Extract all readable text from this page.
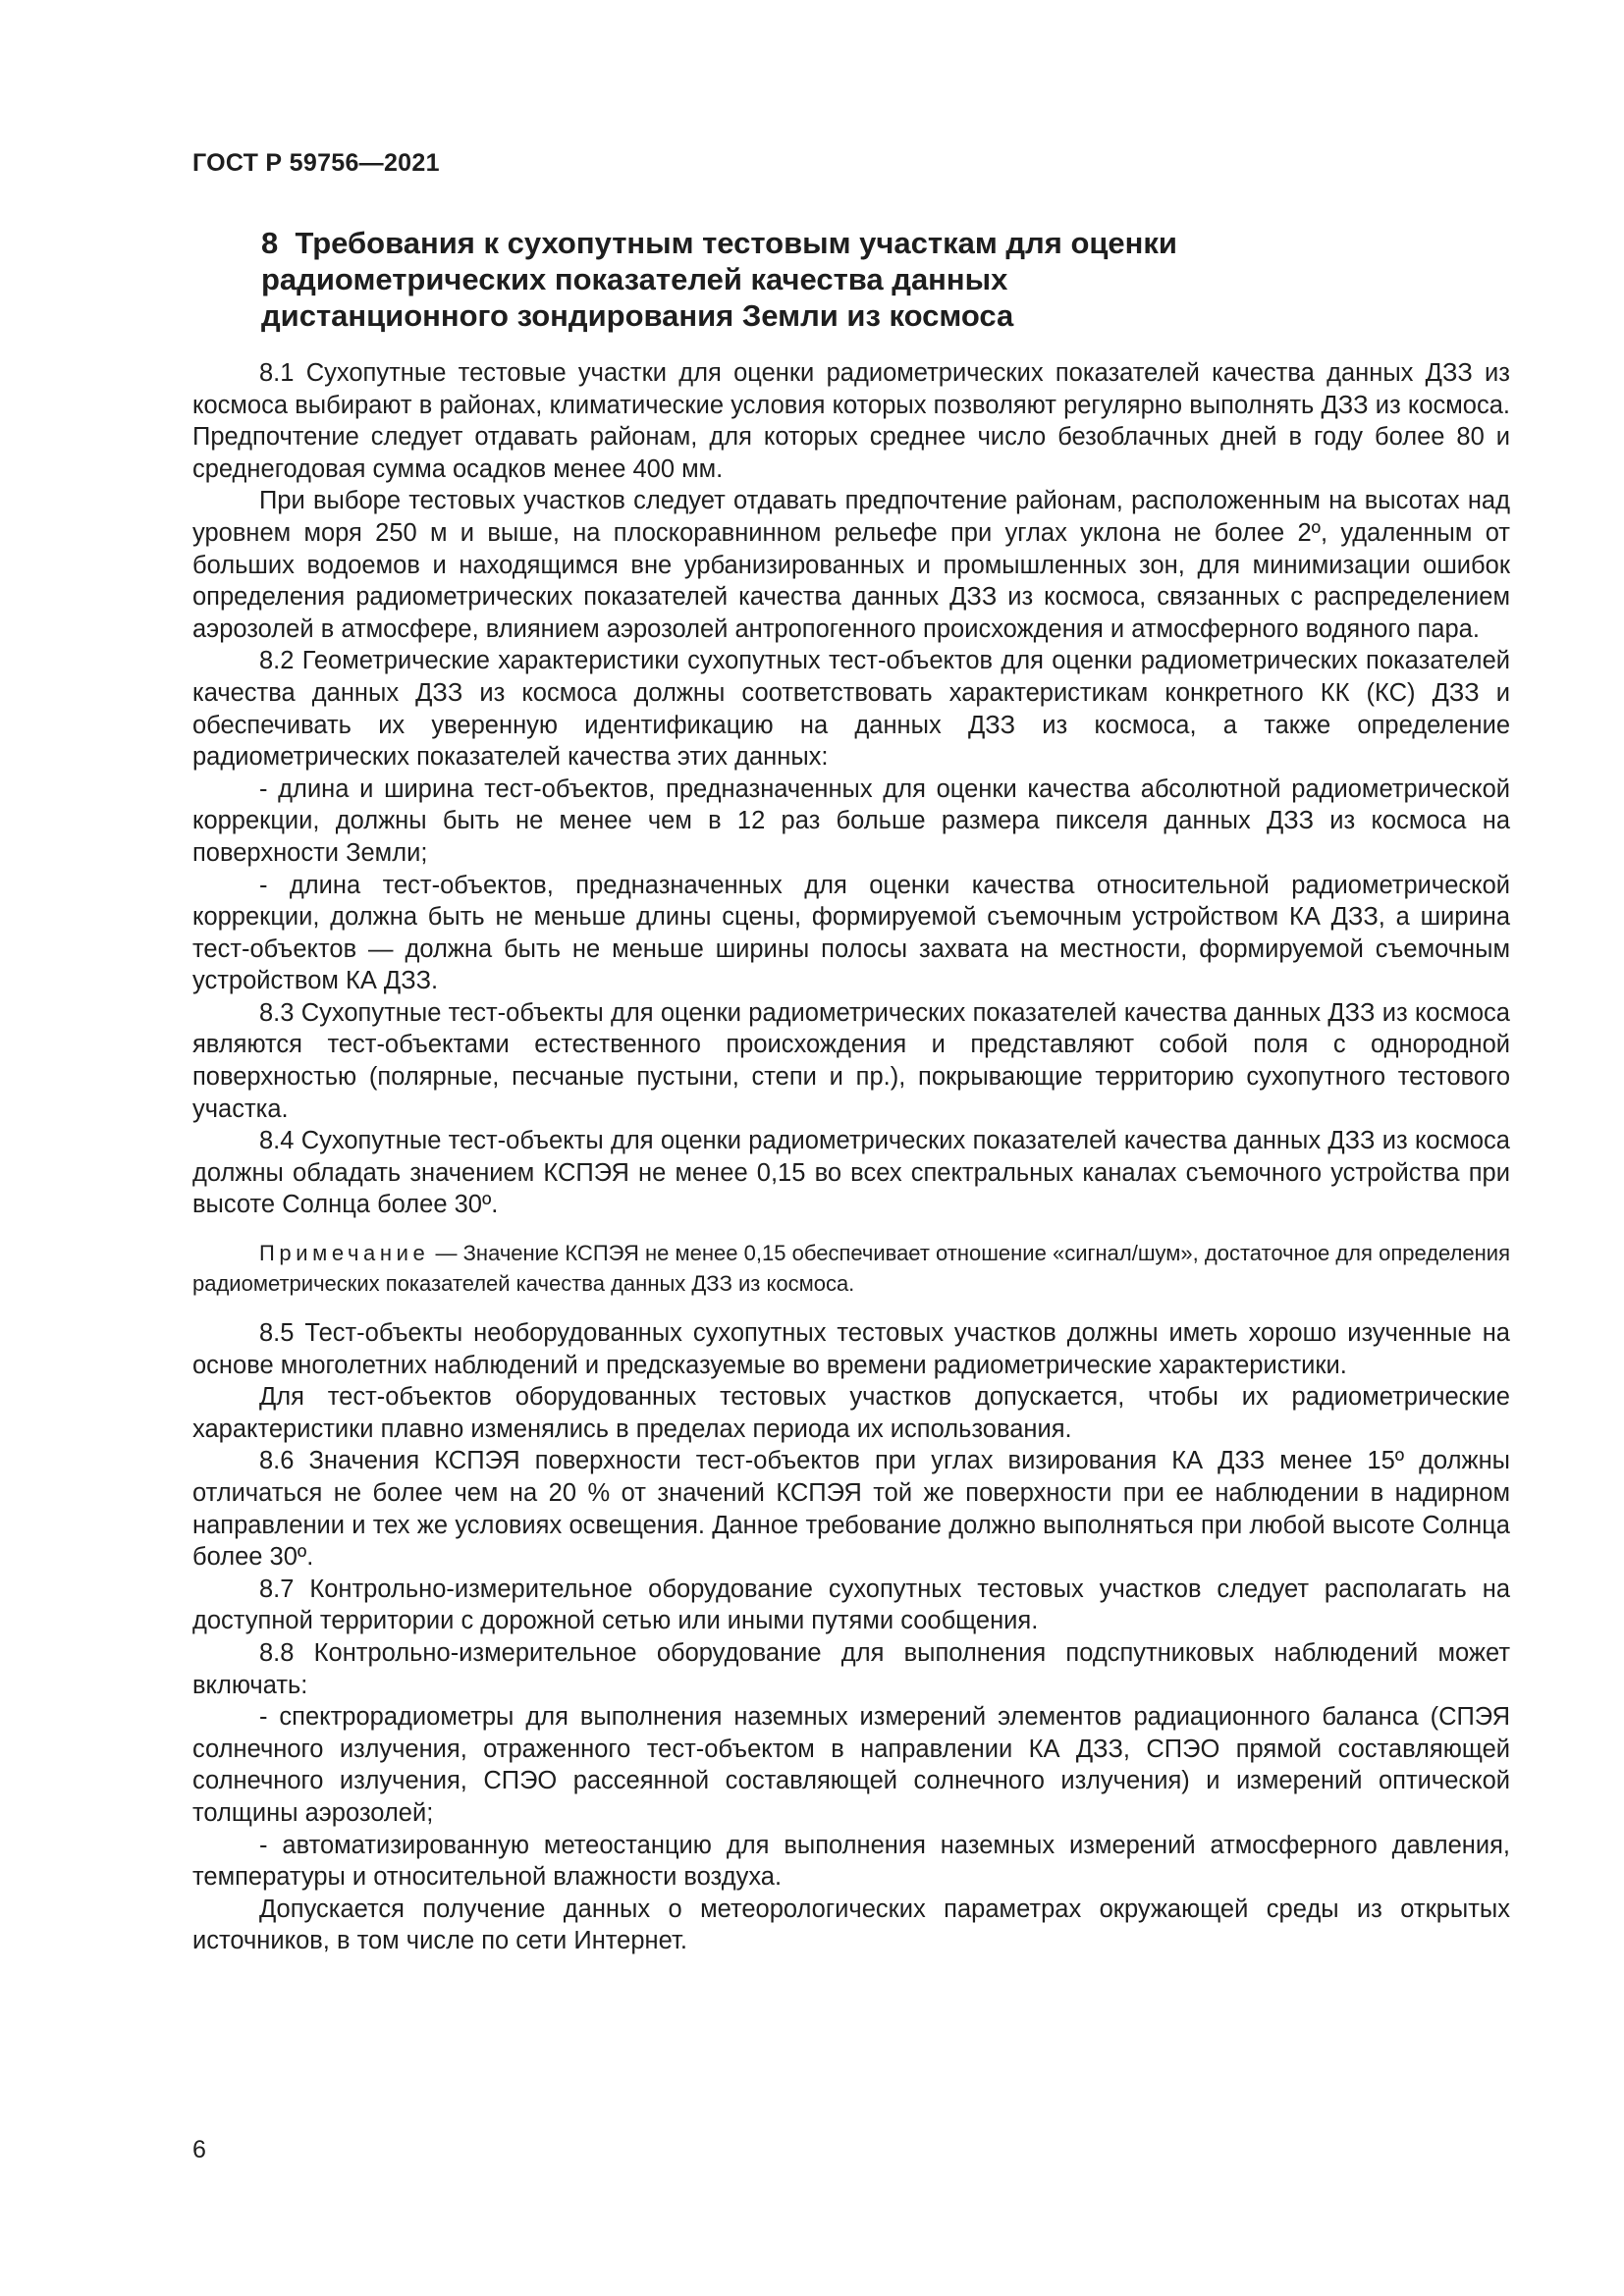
ГОСТ Р 59756—2021
8 Требования к сухопутным тестовым участкам для оценки
радиометрических показателей качества данных
дистанционного зондирования Земли из космоса

8.1 Сухопутные тестовые участки для оценки радиометрических показателей качества данных ДЗЗ из космоса выбирают в районах, климатические условия которых позволяют регулярно выполнять ДЗЗ из космоса. Предпочтение следует отдавать районам, для которых среднее число безоблачных дней в году более 80 и среднегодовая сумма осадков менее 400 мм.

При выборе тестовых участков следует отдавать предпочтение районам, расположенным на высотах над уровнем моря 250 м и выше, на плоскоравнинном рельефе при углах уклона не более 2º, удаленным от больших водоемов и находящимся вне урбанизированных и промышленных зон, для минимизации ошибок определения радиометрических показателей качества данных ДЗЗ из космоса, связанных с распределением аэрозолей в атмосфере, влиянием аэрозолей антропогенного происхождения и атмосферного водяного пара.

8.2 Геометрические характеристики сухопутных тест-объектов для оценки радиометрических показателей качества данных ДЗЗ из космоса должны соответствовать характеристикам конкретного КК (КС) ДЗЗ и обеспечивать их уверенную идентификацию на данных ДЗЗ из космоса, а также определение радиометрических показателей качества этих данных:

- длина и ширина тест-объектов, предназначенных для оценки качества абсолютной радиометрической коррекции, должны быть не менее чем в 12 раз больше размера пикселя данных ДЗЗ из космоса на поверхности Земли;

- длина тест-объектов, предназначенных для оценки качества относительной радиометрической коррекции, должна быть не меньше длины сцены, формируемой съемочным устройством КА ДЗЗ, а ширина тест-объектов — должна быть не меньше ширины полосы захвата на местности, формируемой съемочным устройством КА ДЗЗ.

8.3 Сухопутные тест-объекты для оценки радиометрических показателей качества данных ДЗЗ из космоса являются тест-объектами естественного происхождения и представляют собой поля с однородной поверхностью (полярные, песчаные пустыни, степи и пр.), покрывающие территорию сухопутного тестового участка.

8.4 Сухопутные тест-объекты для оценки радиометрических показателей качества данных ДЗЗ из космоса должны обладать значением КСПЭЯ не менее 0,15 во всех спектральных каналах съемочного устройства при высоте Солнца более 30º.

Примечание — Значение КСПЭЯ не менее 0,15 обеспечивает отношение «сигнал/шум», достаточное для определения радиометрических показателей качества данных ДЗЗ из космоса.

8.5 Тест-объекты необорудованных сухопутных тестовых участков должны иметь хорошо изученные на основе многолетних наблюдений и предсказуемые во времени радиометрические характеристики.

Для тест-объектов оборудованных тестовых участков допускается, чтобы их радиометрические характеристики плавно изменялись в пределах периода их использования.

8.6 Значения КСПЭЯ поверхности тест-объектов при углах визирования КА ДЗЗ менее 15º должны отличаться не более чем на 20 % от значений КСПЭЯ той же поверхности при ее наблюдении в надирном направлении и тех же условиях освещения. Данное требование должно выполняться при любой высоте Солнца более 30º.

8.7 Контрольно-измерительное оборудование сухопутных тестовых участков следует располагать на доступной территории с дорожной сетью или иными путями сообщения.

8.8 Контрольно-измерительное оборудование для выполнения подспутниковых наблюдений может включать:

- спектрорадиометры для выполнения наземных измерений элементов радиационного баланса (СПЭЯ солнечного излучения, отраженного тест-объектом в направлении КА ДЗЗ, СПЭО прямой составляющей солнечного излучения, СПЭО рассеянной составляющей солнечного излучения) и измерений оптической толщины аэрозолей;

- автоматизированную метеостанцию для выполнения наземных измерений атмосферного давления, температуры и относительной влажности воздуха.

Допускается получение данных о метеорологических параметрах окружающей среды из открытых источников, в том числе по сети Интернет.

6
